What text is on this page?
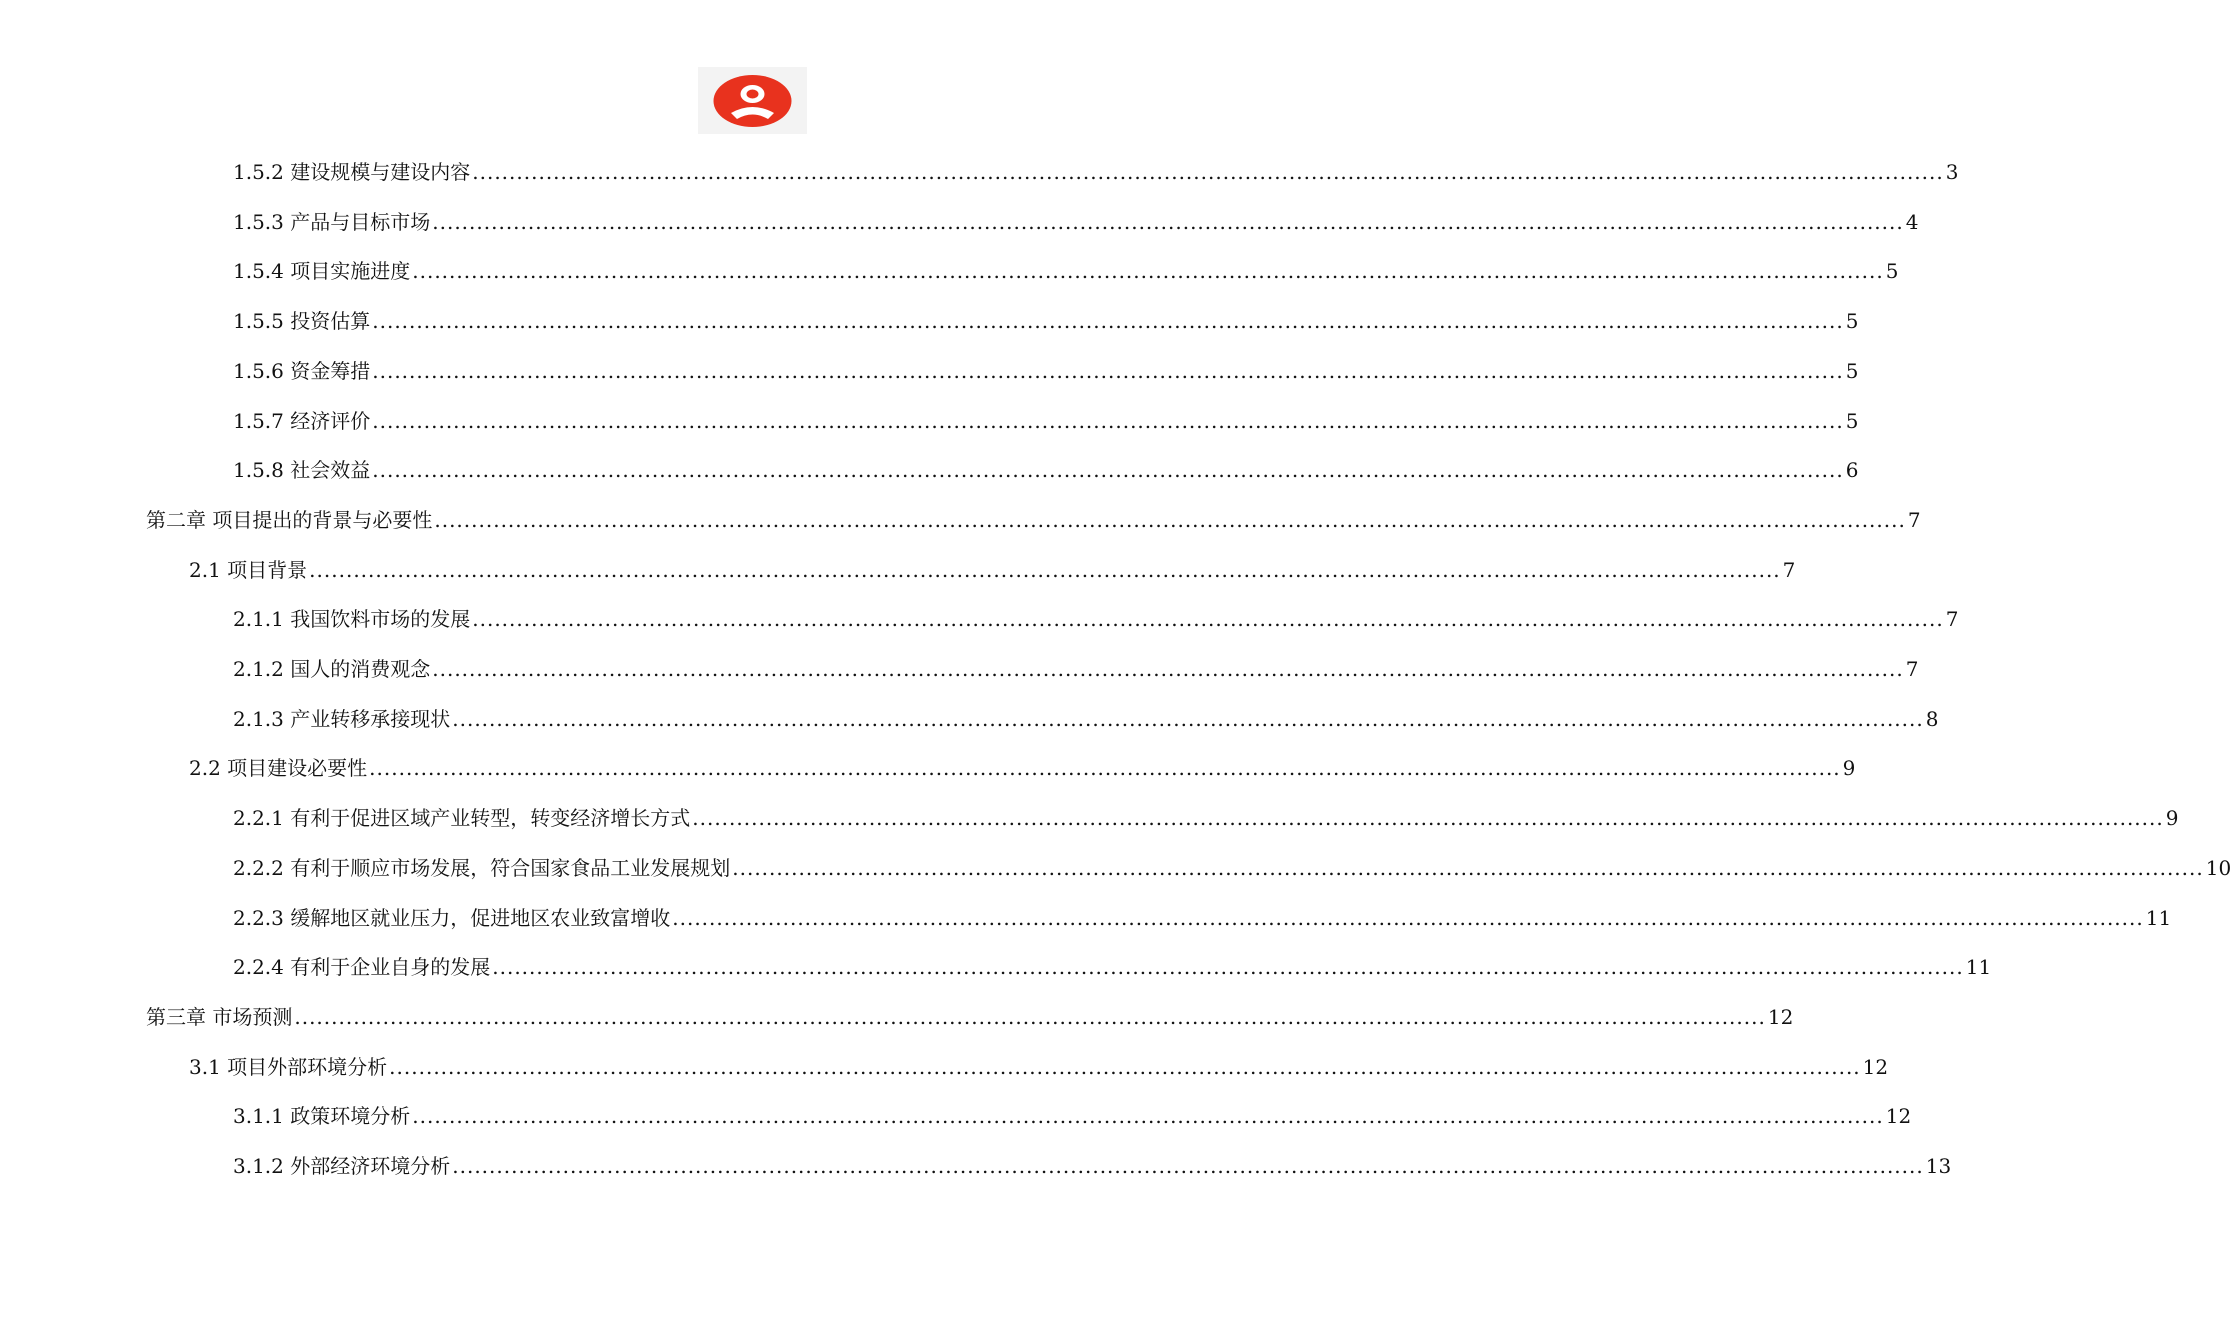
1.5.2 建设规模与建设内容 ........................................................................................................................................................................................................ 3
1.5.3 产品与目标市场 ........................................................................................................................................................................................................ 4
1.5.4 项目实施进度 ........................................................................................................................................................................................................ 5
1.5.5 投资估算 ........................................................................................................................................................................................................ 5
1.5.6 资金筹措 ........................................................................................................................................................................................................ 5
1.5.7 经济评价 ........................................................................................................................................................................................................ 5
1.5.8 社会效益 ........................................................................................................................................................................................................ 6
第二章 项目提出的背景与必要性 ........................................................................................................................................................................................................ 7
2.1 项目背景 ........................................................................................................................................................................................................ 7
2.1.1 我国饮料市场的发展 ........................................................................................................................................................................................................ 7
2.1.2 国人的消费观念 ........................................................................................................................................................................................................ 7
2.1.3 产业转移承接现状 ........................................................................................................................................................................................................ 8
2.2 项目建设必要性 ........................................................................................................................................................................................................ 9
2.2.1 有利于促进区域产业转型，转变经济增长方式 ........................................................................................................................................................................................................ 9
2.2.2 有利于顺应市场发展，符合国家食品工业发展规划 ........................................................................................................................................................................................................ 10
2.2.3 缓解地区就业压力，促进地区农业致富增收 ........................................................................................................................................................................................................ 11
2.2.4 有利于企业自身的发展 ........................................................................................................................................................................................................ 11
第三章 市场预测 ........................................................................................................................................................................................................ 12
3.1 项目外部环境分析 ........................................................................................................................................................................................................ 12
3.1.1 政策环境分析 ........................................................................................................................................................................................................ 12
3.1.2 外部经济环境分析 ........................................................................................................................................................................................................ 13
